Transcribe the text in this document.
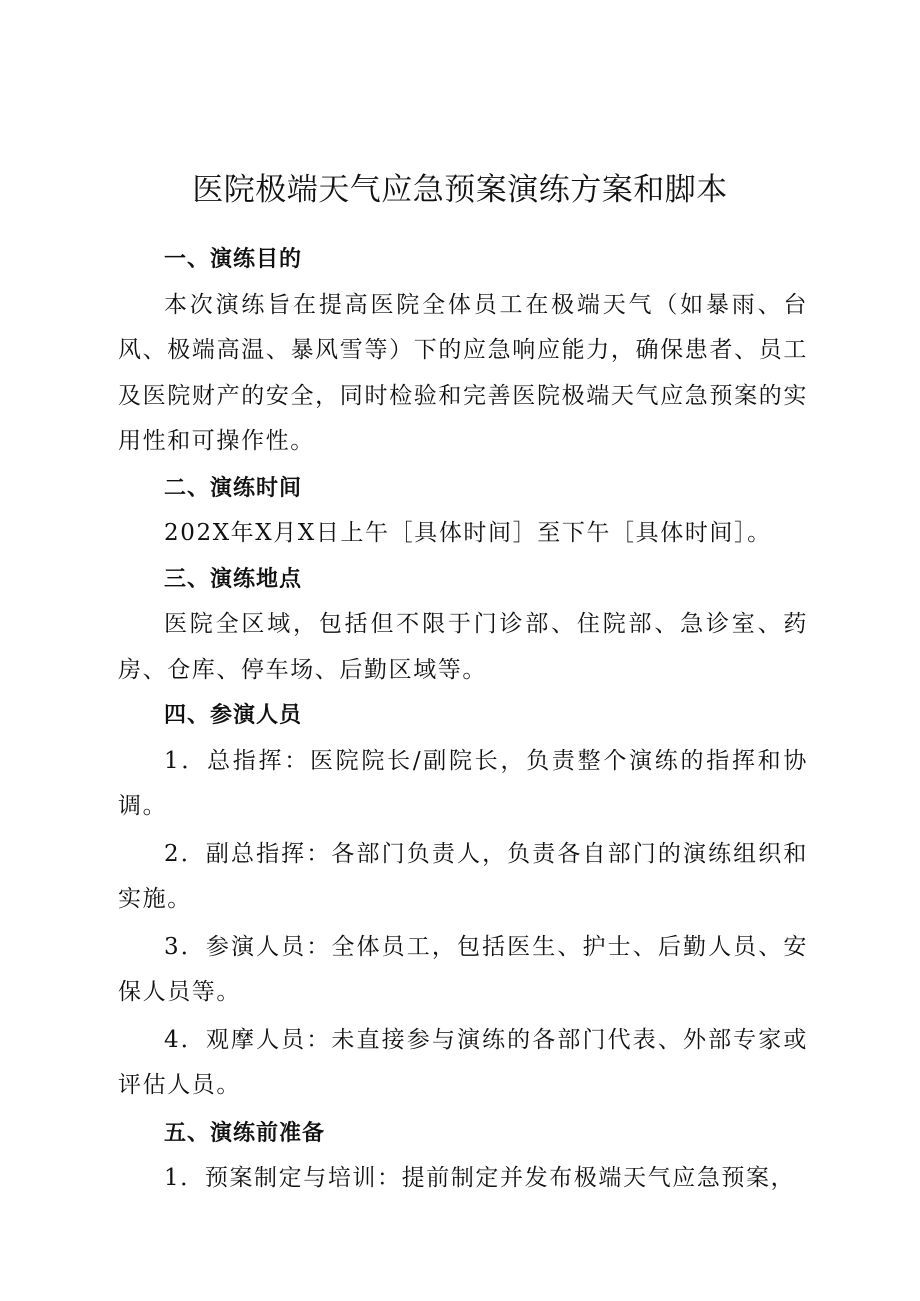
医院极端天气应急预案演练方案和脚本

一、演练目的

本次演练旨在提高医院全体员工在极端天气（如暴雨、台风、极端高温、暴风雪等）下的应急响应能力，确保患者、员工及医院财产的安全，同时检验和完善医院极端天气应急预案的实用性和可操作性。

二、演练时间

202X年X月X日上午［具体时间］至下午［具体时间］。

三、演练地点

医院全区域，包括但不限于门诊部、住院部、急诊室、药房、仓库、停车场、后勤区域等。

四、参演人员

1．总指挥：医院院长/副院长，负责整个演练的指挥和协调。

2．副总指挥：各部门负责人，负责各自部门的演练组织和实施。

3．参演人员：全体员工，包括医生、护士、后勤人员、安保人员等。

4．观摩人员：未直接参与演练的各部门代表、外部专家或评估人员。

五、演练前准备

1．预案制定与培训：提前制定并发布极端天气应急预案，
